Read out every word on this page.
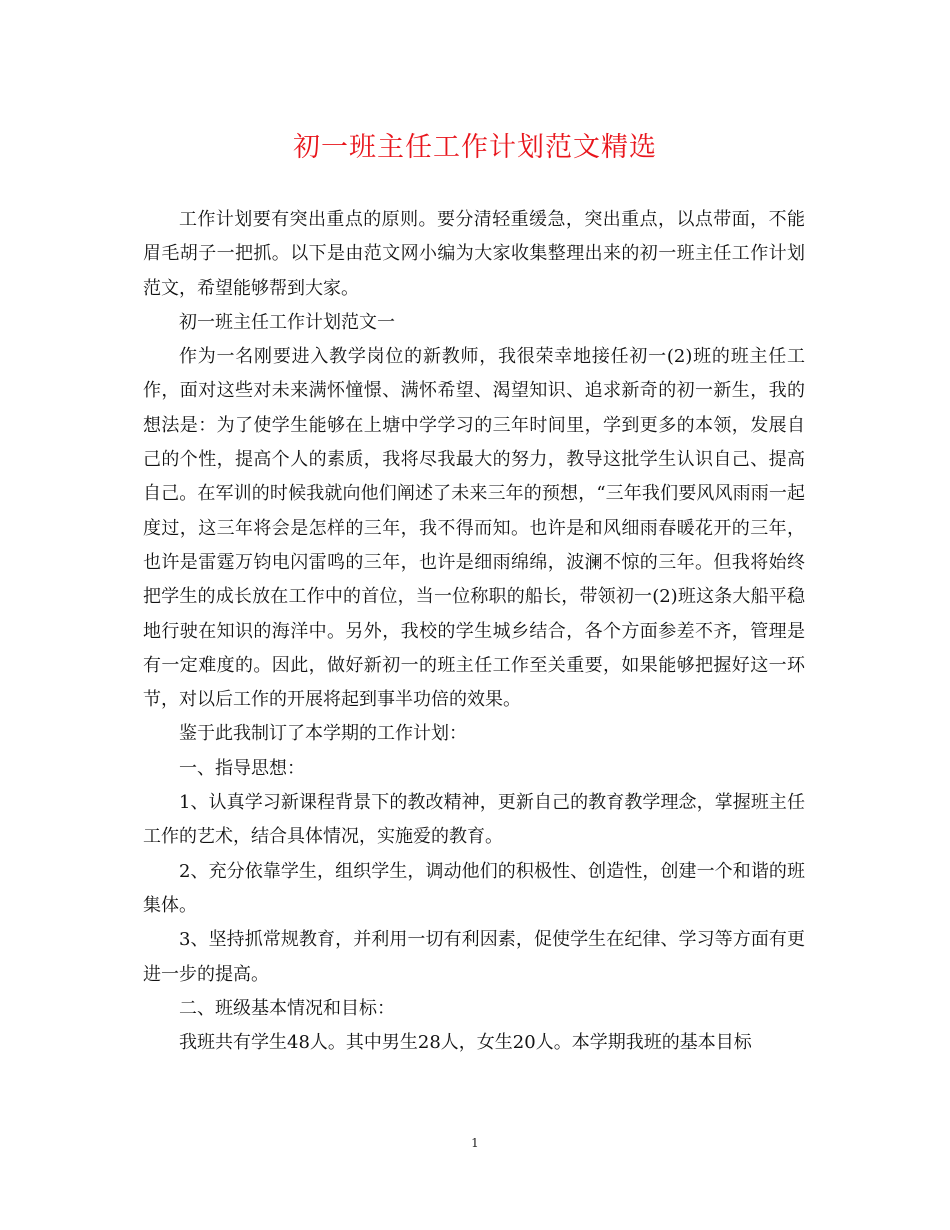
初一班主任工作计划范文精选

工作计划要有突出重点的原则。要分清轻重缓急，突出重点，以点带面，不能眉毛胡子一把抓。以下是由范文网小编为大家收集整理出来的初一班主任工作计划范文，希望能够帮到大家。

初一班主任工作计划范文一

作为一名刚要进入教学岗位的新教师，我很荣幸地接任初一(2)班的班主任工作，面对这些对未来满怀憧憬、满怀希望、渴望知识、追求新奇的初一新生，我的想法是：为了使学生能够在上塘中学学习的三年时间里，学到更多的本领，发展自己的个性，提高个人的素质，我将尽我最大的努力，教导这批学生认识自己、提高自己。在军训的时候我就向他们阐述了未来三年的预想，“三年我们要风风雨雨一起度过，这三年将会是怎样的三年，我不得而知。也许是和风细雨春暖花开的三年，也许是雷霆万钧电闪雷鸣的三年，也许是细雨绵绵，波澜不惊的三年。但我将始终把学生的成长放在工作中的首位，当一位称职的船长，带领初一(2)班这条大船平稳地行驶在知识的海洋中。另外，我校的学生城乡结合，各个方面参差不齐，管理是有一定难度的。因此，做好新初一的班主任工作至关重要，如果能够把握好这一环节，对以后工作的开展将起到事半功倍的效果。

鉴于此我制订了本学期的工作计划：

一、指导思想：

1、认真学习新课程背景下的教改精神，更新自己的教育教学理念，掌握班主任工作的艺术，结合具体情况，实施爱的教育。

2、充分依靠学生，组织学生，调动他们的积极性、创造性，创建一个和谐的班集体。

3、坚持抓常规教育，并利用一切有利因素，促使学生在纪律、学习等方面有更进一步的提高。

二、班级基本情况和目标：

我班共有学生48人。其中男生28人，女生20人。本学期我班的基本目标

1
